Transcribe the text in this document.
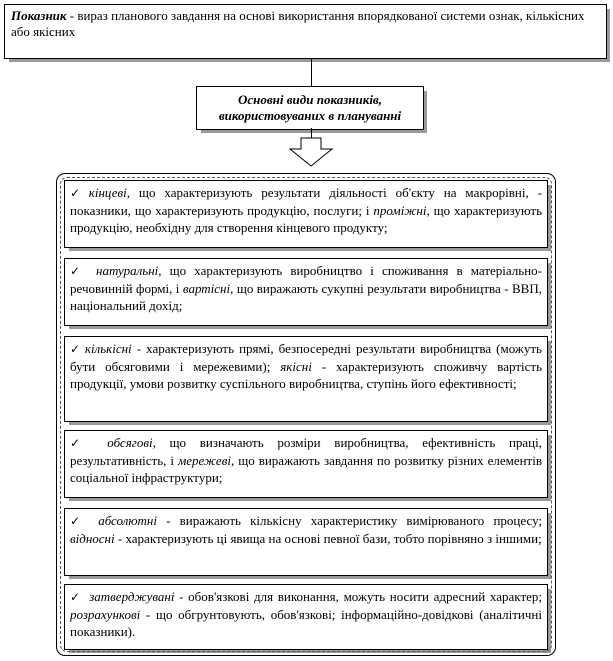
Показник - вираз планового завдання на основі використання впорядкованої системи ознак, кількісних або якісних
Основні види показників,
використовуваних в плануванні
✓ кінцеві, що характеризують результати діяльності об'єкту на макрорівні, - показники, що характеризують продукцію, послуги; і проміжні, що характеризують продукцію, необхідну для створення кінцевого продукту;
✓ натуральні, що характеризують виробництво і споживання в матеріально-речовинній формі, і вартісні, що виражають сукупні результати виробництва - ВВП, національний дохід;
✓ кількісні - характеризують прямі, безпосередні результати виробництва (можуть бути обсяговими і мережевими); якісні - характеризують споживчу вартість продукції, умови розвитку суспільного виробництва, ступінь його ефективності;
✓ обсягові, що визначають розміри виробництва, ефективність праці, результативність, і мережеві, що виражають завдання по розвитку різних елементів соціальної інфраструктури;
✓ абсолютні - виражають кількісну характеристику вимірюваного процесу; відносні - характеризують ці явища на основі певної бази, тобто порівняно з іншими;
✓ затверджувані - обов'язкові для виконання, можуть носити адресний характер; розрахункові - що обгрунтовують, обов'язкові; інформаційно-довідкові (аналітичні показники).
